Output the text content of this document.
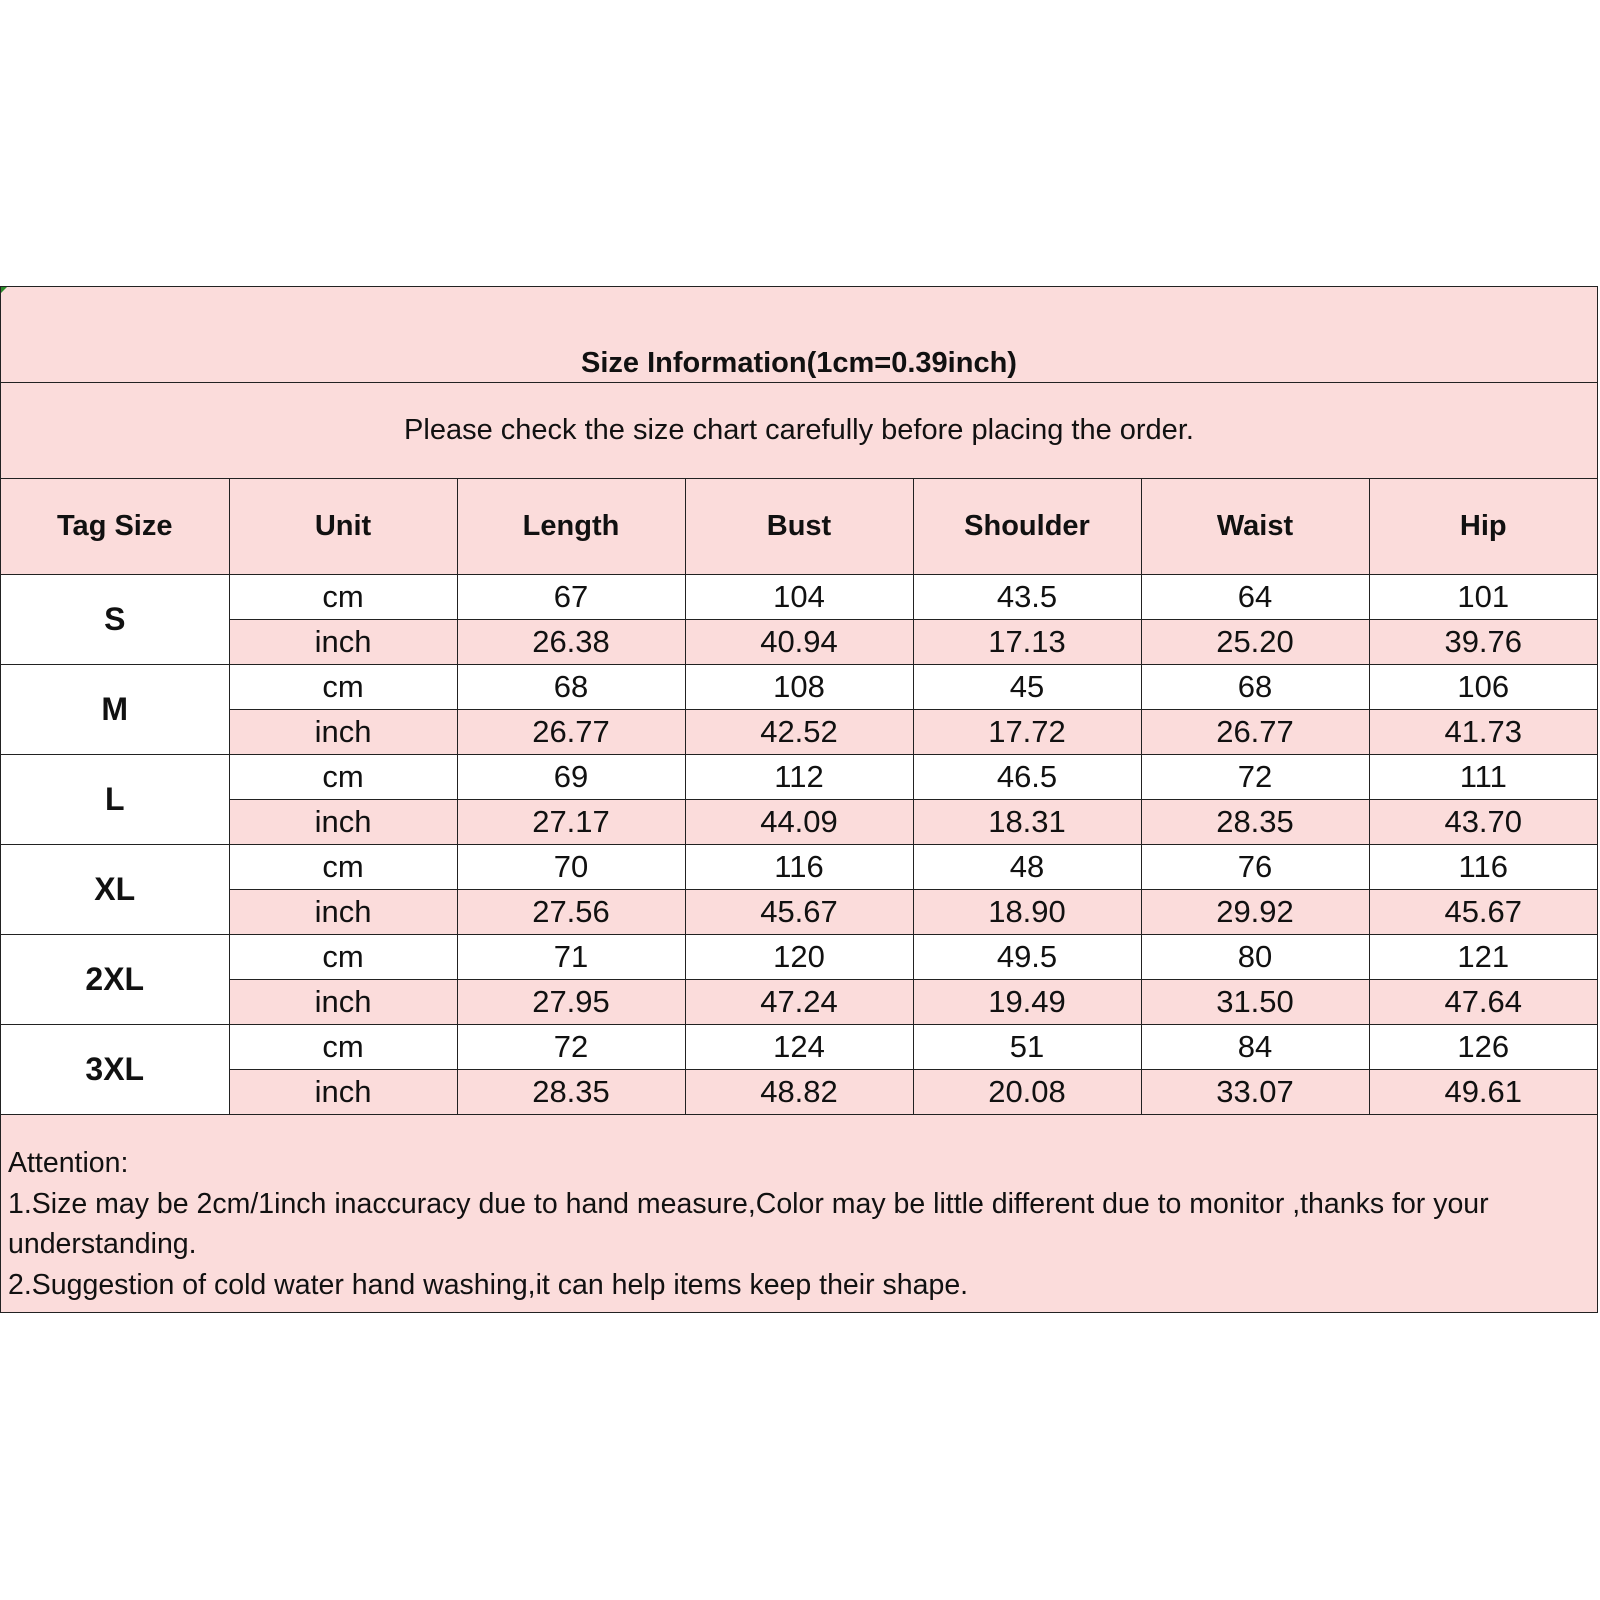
Size Information(1cm=0.39inch)
Please check the size chart carefully before placing the order.
Tag Size	Unit	Length	Bust	Shoulder	Waist	Hip
S	cm	67	104	43.5	64	101
	inch	26.38	40.94	17.13	25.20	39.76
M	cm	68	108	45	68	106
	inch	26.77	42.52	17.72	26.77	41.73
L	cm	69	112	46.5	72	111
	inch	27.17	44.09	18.31	28.35	43.70
XL	cm	70	116	48	76	116
	inch	27.56	45.67	18.90	29.92	45.67
2XL	cm	71	120	49.5	80	121
	inch	27.95	47.24	19.49	31.50	47.64
3XL	cm	72	124	51	84	126
	inch	28.35	48.82	20.08	33.07	49.61
Attention:
1.Size may be 2cm/1inch inaccuracy due to hand measure,Color may be little different due to monitor ,thanks for your understanding.
2.Suggestion of cold water hand washing,it can help items keep their shape.
